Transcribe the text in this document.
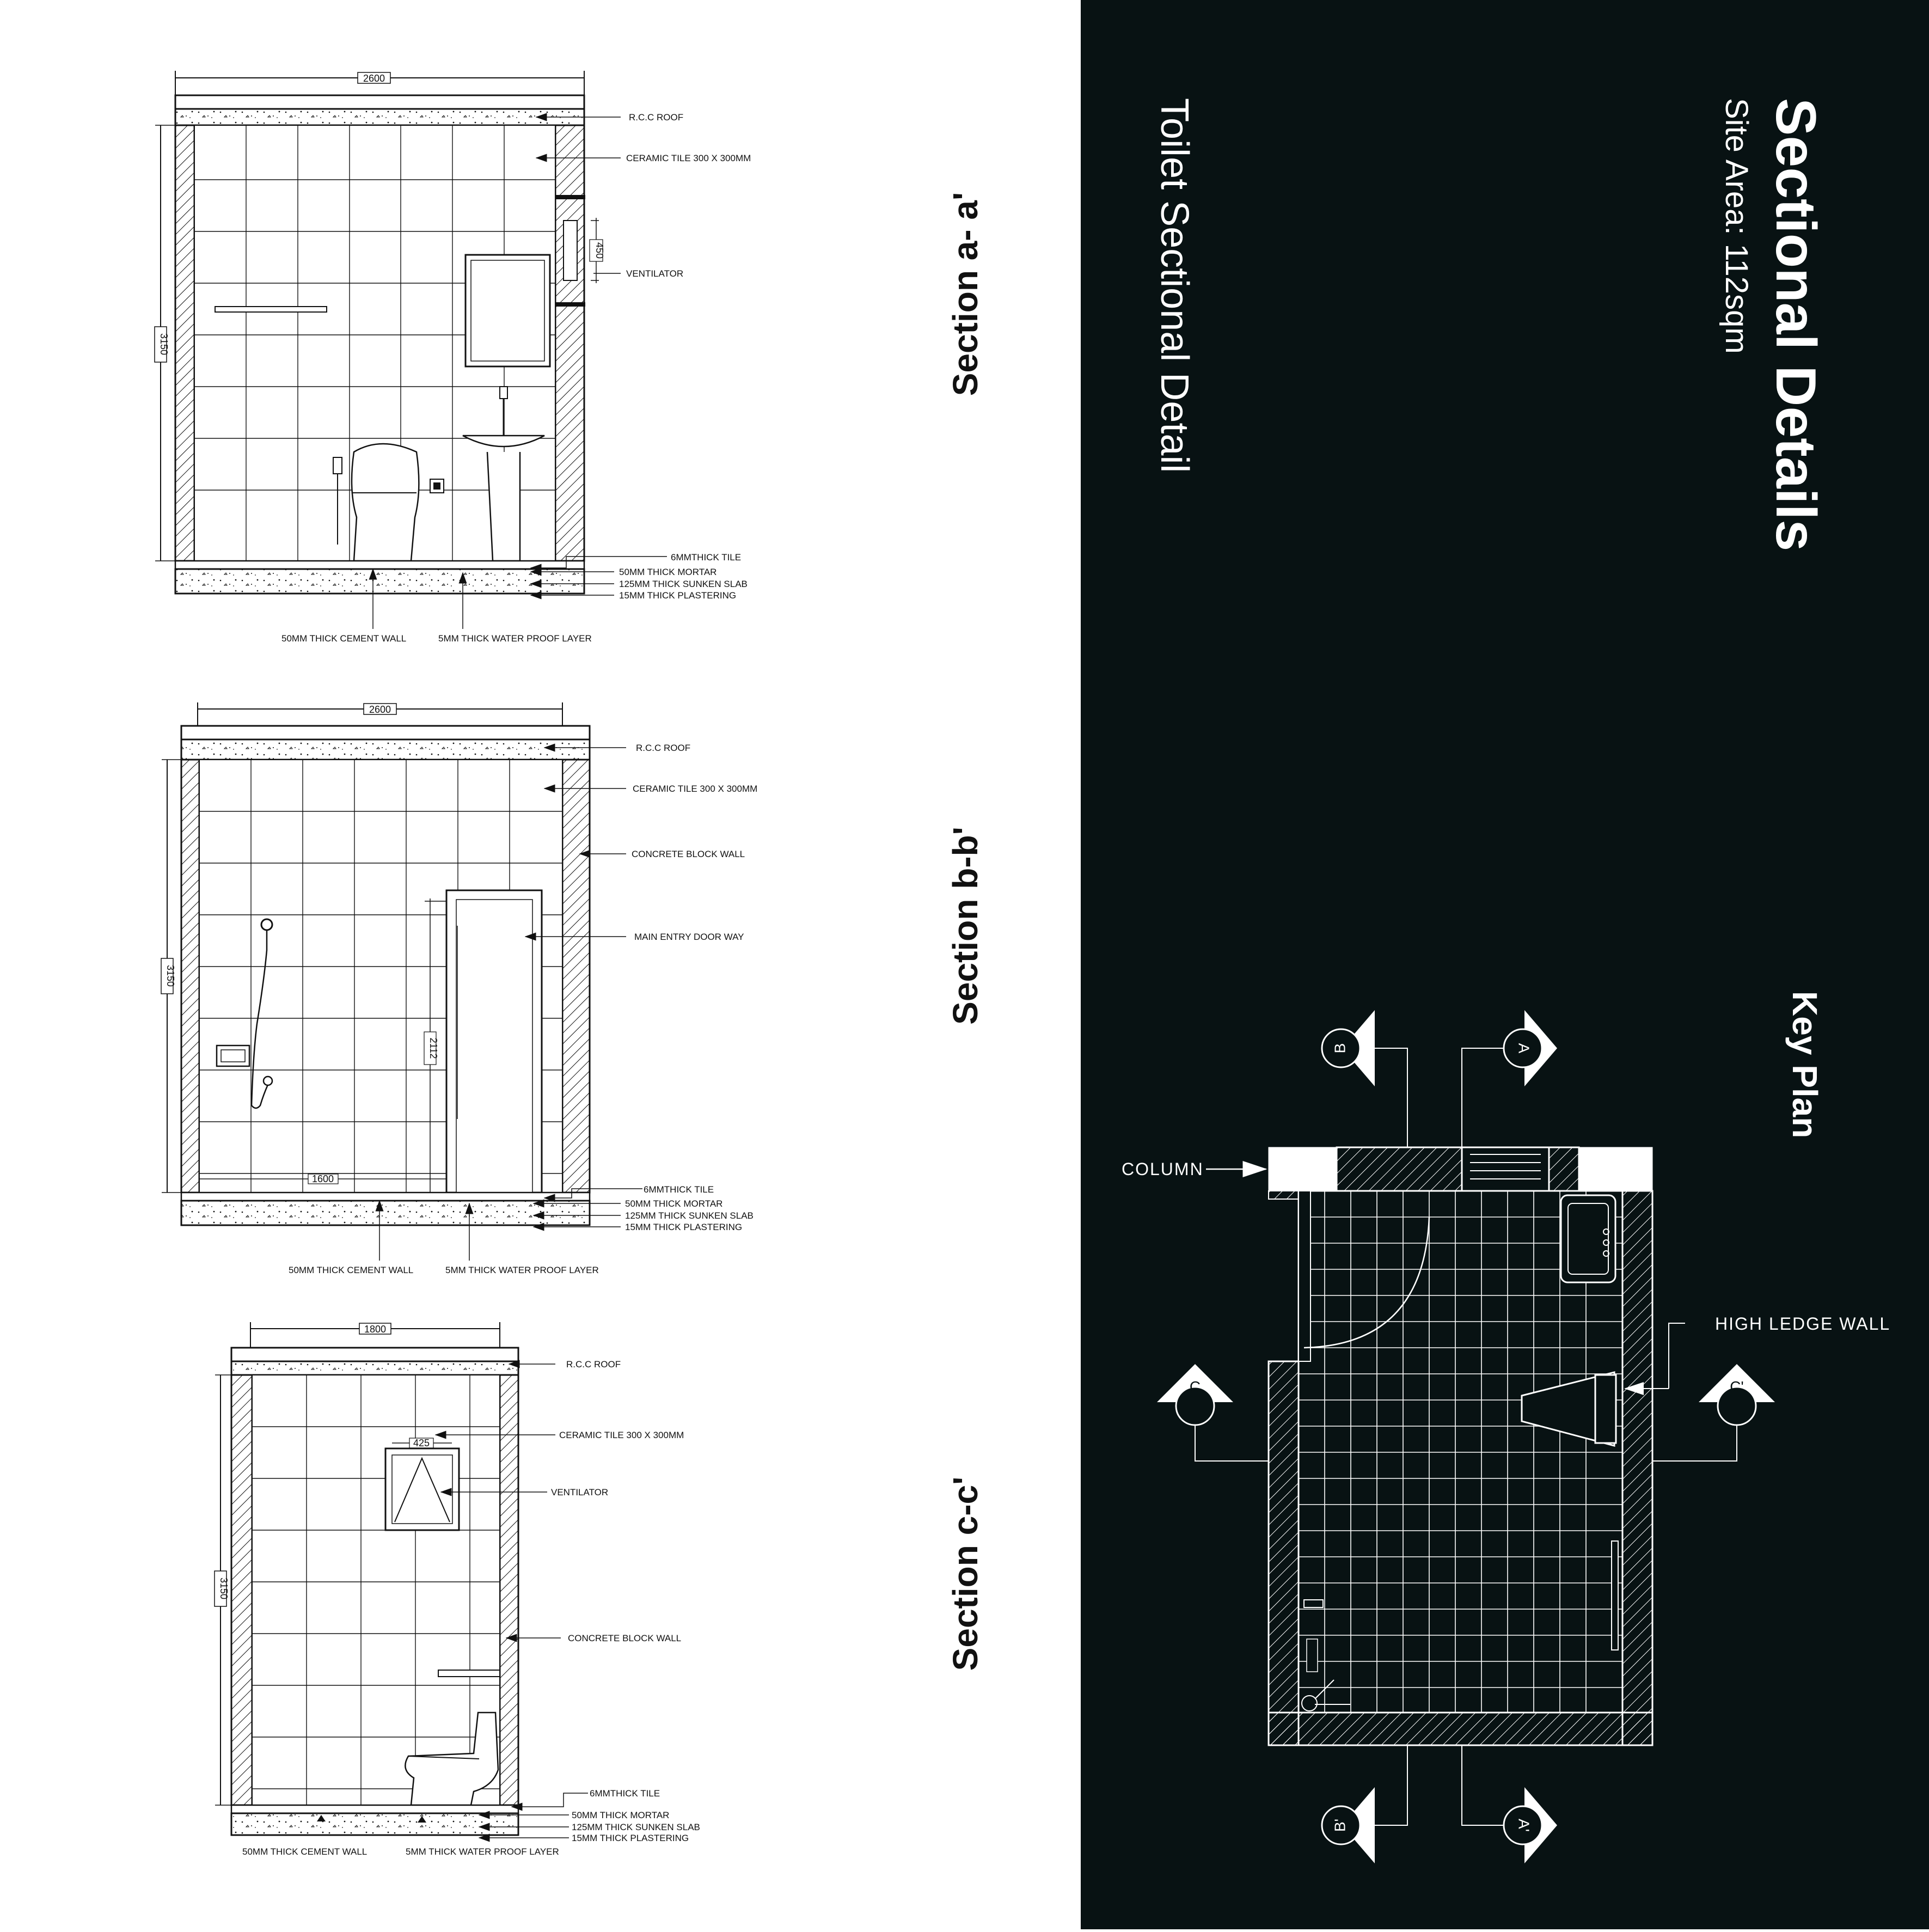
2600
450
3150
R.C.C ROOF
CERAMIC TILE 300 X 300MM
VENTILATOR
6MMTHICK TILE
50MM THICK MORTAR
125MM THICK SUNKEN SLAB
15MM THICK PLASTERING
50MM THICK CEMENT WALL	5MM THICK WATER PROOF LAYER
2600
2112
1600
3150
R.C.C ROOF
CERAMIC TILE 300 X 300MM
CONCRETE BLOCK WALL
MAIN ENTRY DOOR WAY
6MMTHICK TILE
50MM THICK MORTAR
125MM THICK SUNKEN SLAB
15MM THICK PLASTERING
50MM THICK CEMENT WALL	5MM THICK WATER PROOF LAYER
1800
425
3150
R.C.C ROOF
CERAMIC TILE 300 X 300MM
VENTILATOR
CONCRETE BLOCK WALL
6MMTHICK TILE
50MM THICK MORTAR
125MM THICK SUNKEN SLAB
15MM THICK PLASTERING
50MM THICK CEMENT WALL	5MM THICK WATER PROOF LAYER
Section a- a'
Section b-b'
Section c-c'
Sectional Details
Site Area: 112sqm
Toilet Sectional Detail
Key Plan
B	A
C	C'
B'	A'
COLUMN
HIGH LEDGE WALL
